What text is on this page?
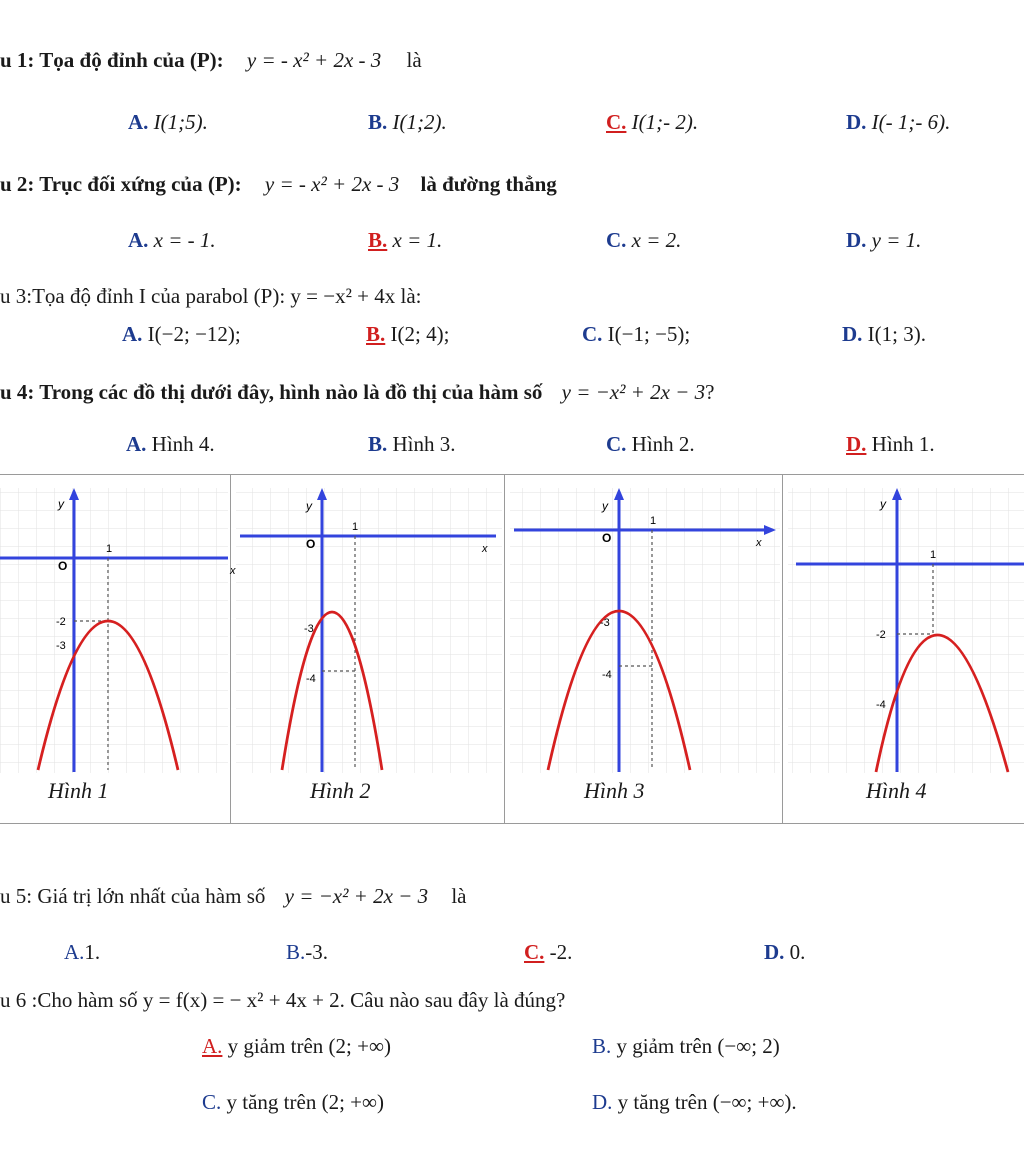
u 1: Tọa độ đỉnh của (P): y = - x² + 2x - 3 là
A. I(1;5).	B. I(1;2).	C. I(1;- 2).	D. I(- 1;- 6).
u 2: Trục đối xứng của (P): y = - x² + 2x - 3 là đường thẳng
A. x = - 1.	B. x = 1.	C. x = 2.	D. y = 1.
u 3:Tọa độ đỉnh I của parabol (P): y = −x² + 4x là:
A. I(−2; −12);	B. I(2; 4);	C. I(−1; −5);	D. I(1; 3).
u 4: Trong các đồ thị dưới đây, hình nào là đồ thị của hàm số y = −x² + 2x − 3?
A. Hình 4.	B. Hình 3.	C. Hình 2.	D. Hình 1.
y
1
O	x
-2
-3
y
1
O	x
-3
-4
y
1
O	x
-3
-4
y
1
-2
-4
Hình 1	Hình 2	Hình 3	Hình 4
u 5: Giá trị lớn nhất của hàm số y = −x² + 2x − 3 là
A.1.	B.-3.	C. -2.	D. 0.
u 6 :Cho hàm số y = f(x) = − x² + 4x + 2. Câu nào sau đây là đúng?
A. y giảm trên (2; +∞)	B. y giảm trên (−∞; 2)
C. y tăng trên (2; +∞)	D. y tăng trên (−∞; +∞).
